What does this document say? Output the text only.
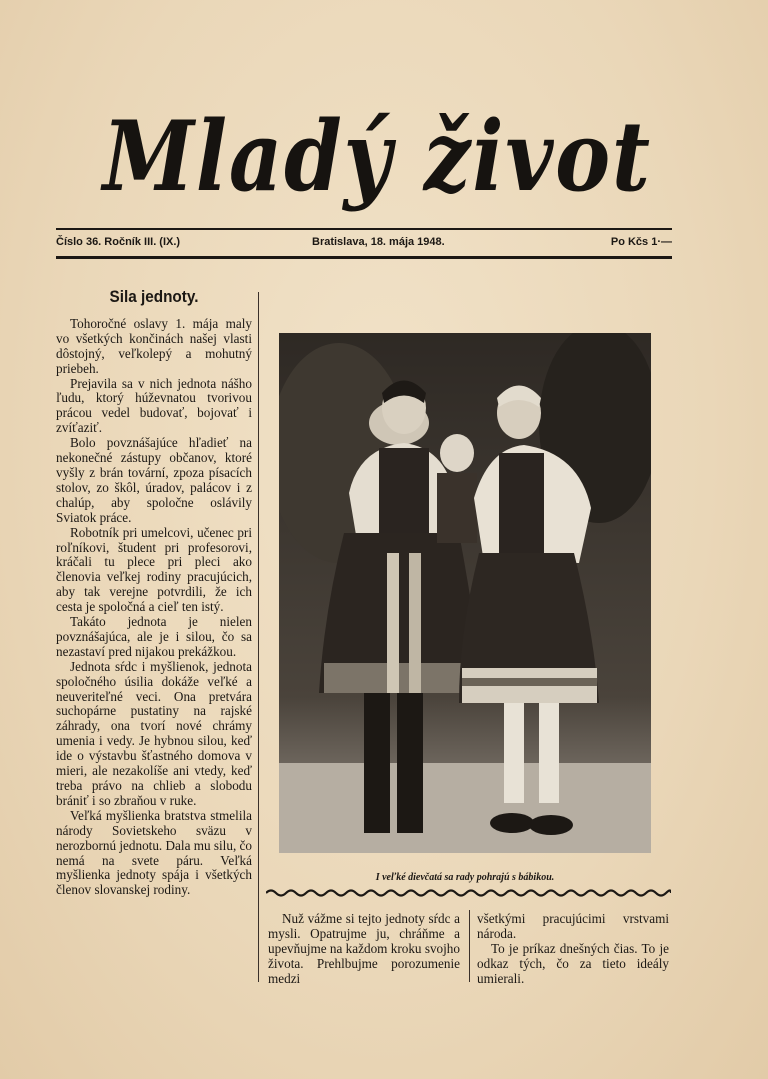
Mladý život
Číslo 36. Ročník III. (IX.)	Bratislava, 18. mája 1948.	Po Kčs 1·—
Sila jednoty.

Tohoročné oslavy 1. mája maly vo všetkých končinách našej vlasti dôstojný, veľkolepý a mohutný priebeh.

Prejavila sa v nich jednota nášho ľudu, ktorý húževnatou tvorivou prácou vedel budovať, bojovať i zvíťaziť.

Bolo povznášajúce hľadieť na nekonečné zástupy občanov, ktoré vyšly z brán tovární, zpoza písacích stolov, zo škôl, úradov, palácov i z chalúp, aby spoločne oslávily Sviatok práce.

Robotník pri umelcovi, učenec pri roľníkovi, študent pri profesorovi, kráčali tu plece pri pleci ako členovia veľkej rodiny pracujúcich, aby tak verejne potvrdili, že ich cesta je spoločná a cieľ ten istý.

Takáto jednota je nielen povznášajúca, ale je i silou, čo sa nezastaví pred nijakou prekážkou.

Jednota sŕdc i myšlienok, jednota spoločného úsilia dokáže veľké a neuveriteľné veci. Ona pretvára suchopárne pustatiny na rajské záhrady, ona tvorí nové chrámy umenia i vedy. Je hybnou silou, keď ide o výstavbu šťastného domova v mieri, ale nezakolíše ani vtedy, keď treba právo na chlieb a slobodu brániť i so zbraňou v ruke.

Veľká myšlienka bratstva stmelila národy Sovietskeho sväzu v nerozbornú jednotu. Dala mu silu, čo nemá na svete páru. Veľká myšlienka jednoty spája i všetkých členov slovanskej rodiny.

I veľké dievčatá sa rady pohrajú s bábikou.

Nuž vážme si tejto jednoty sŕdc a mysli. Opatrujme ju, chráňme a upevňujme na každom kroku svojho života. Prehlbujme porozumenie medzi

všetkými pracujúcimi vrstvami národa.

To je príkaz dnešných čias. To je odkaz tých, čo za tieto ideály umierali.
